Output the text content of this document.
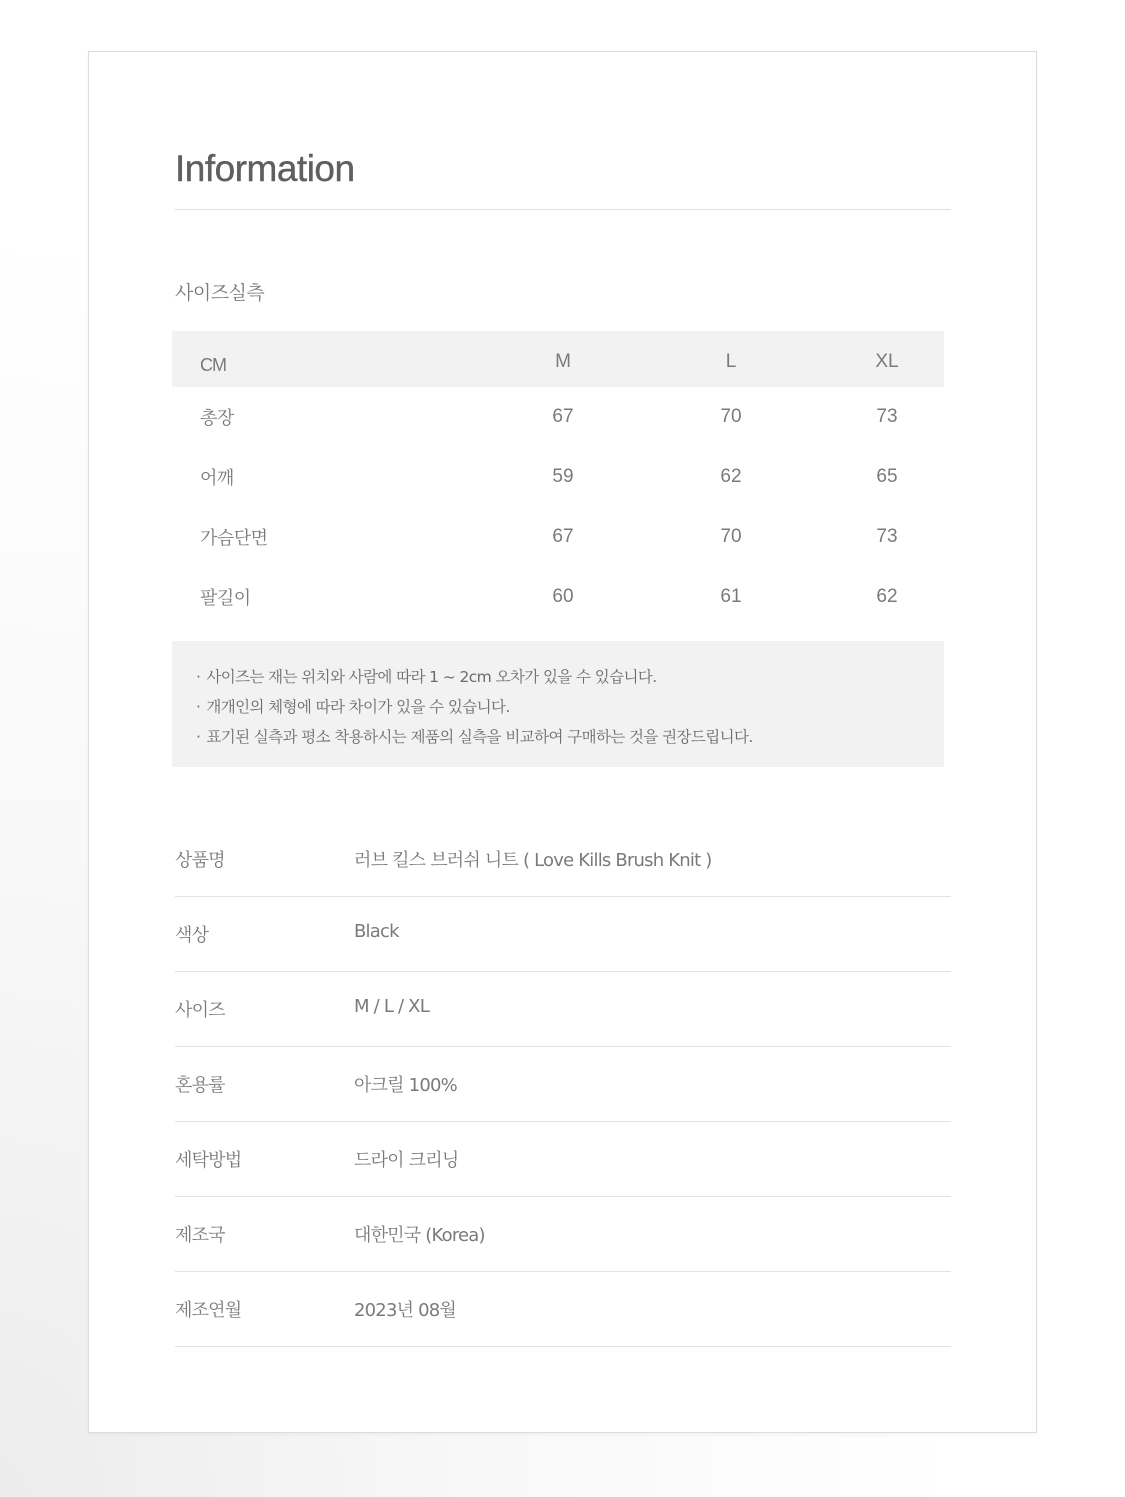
Information
사이즈실측
CM	M	L	XL
총장	67	70	73
어깨	59	62	65
가슴단면	67	70	73
팔길이	60	61	62
· 사이즈는 재는 위치와 사람에 따라 1 ~ 2cm 오차가 있을 수 있습니다.
· 개개인의 체형에 따라 차이가 있을 수 있습니다.
· 표기된 실측과 평소 착용하시는 제품의 실측을 비교하여 구매하는 것을 권장드립니다.
상품명	러브 킬스 브러쉬 니트 ( Love Kills Brush Knit )
색상	Black
사이즈	M / L / XL
혼용률	아크릴 100%
세탁방법	드라이 크리닝
제조국	대한민국 (Korea)
제조연월	2023년 08월
